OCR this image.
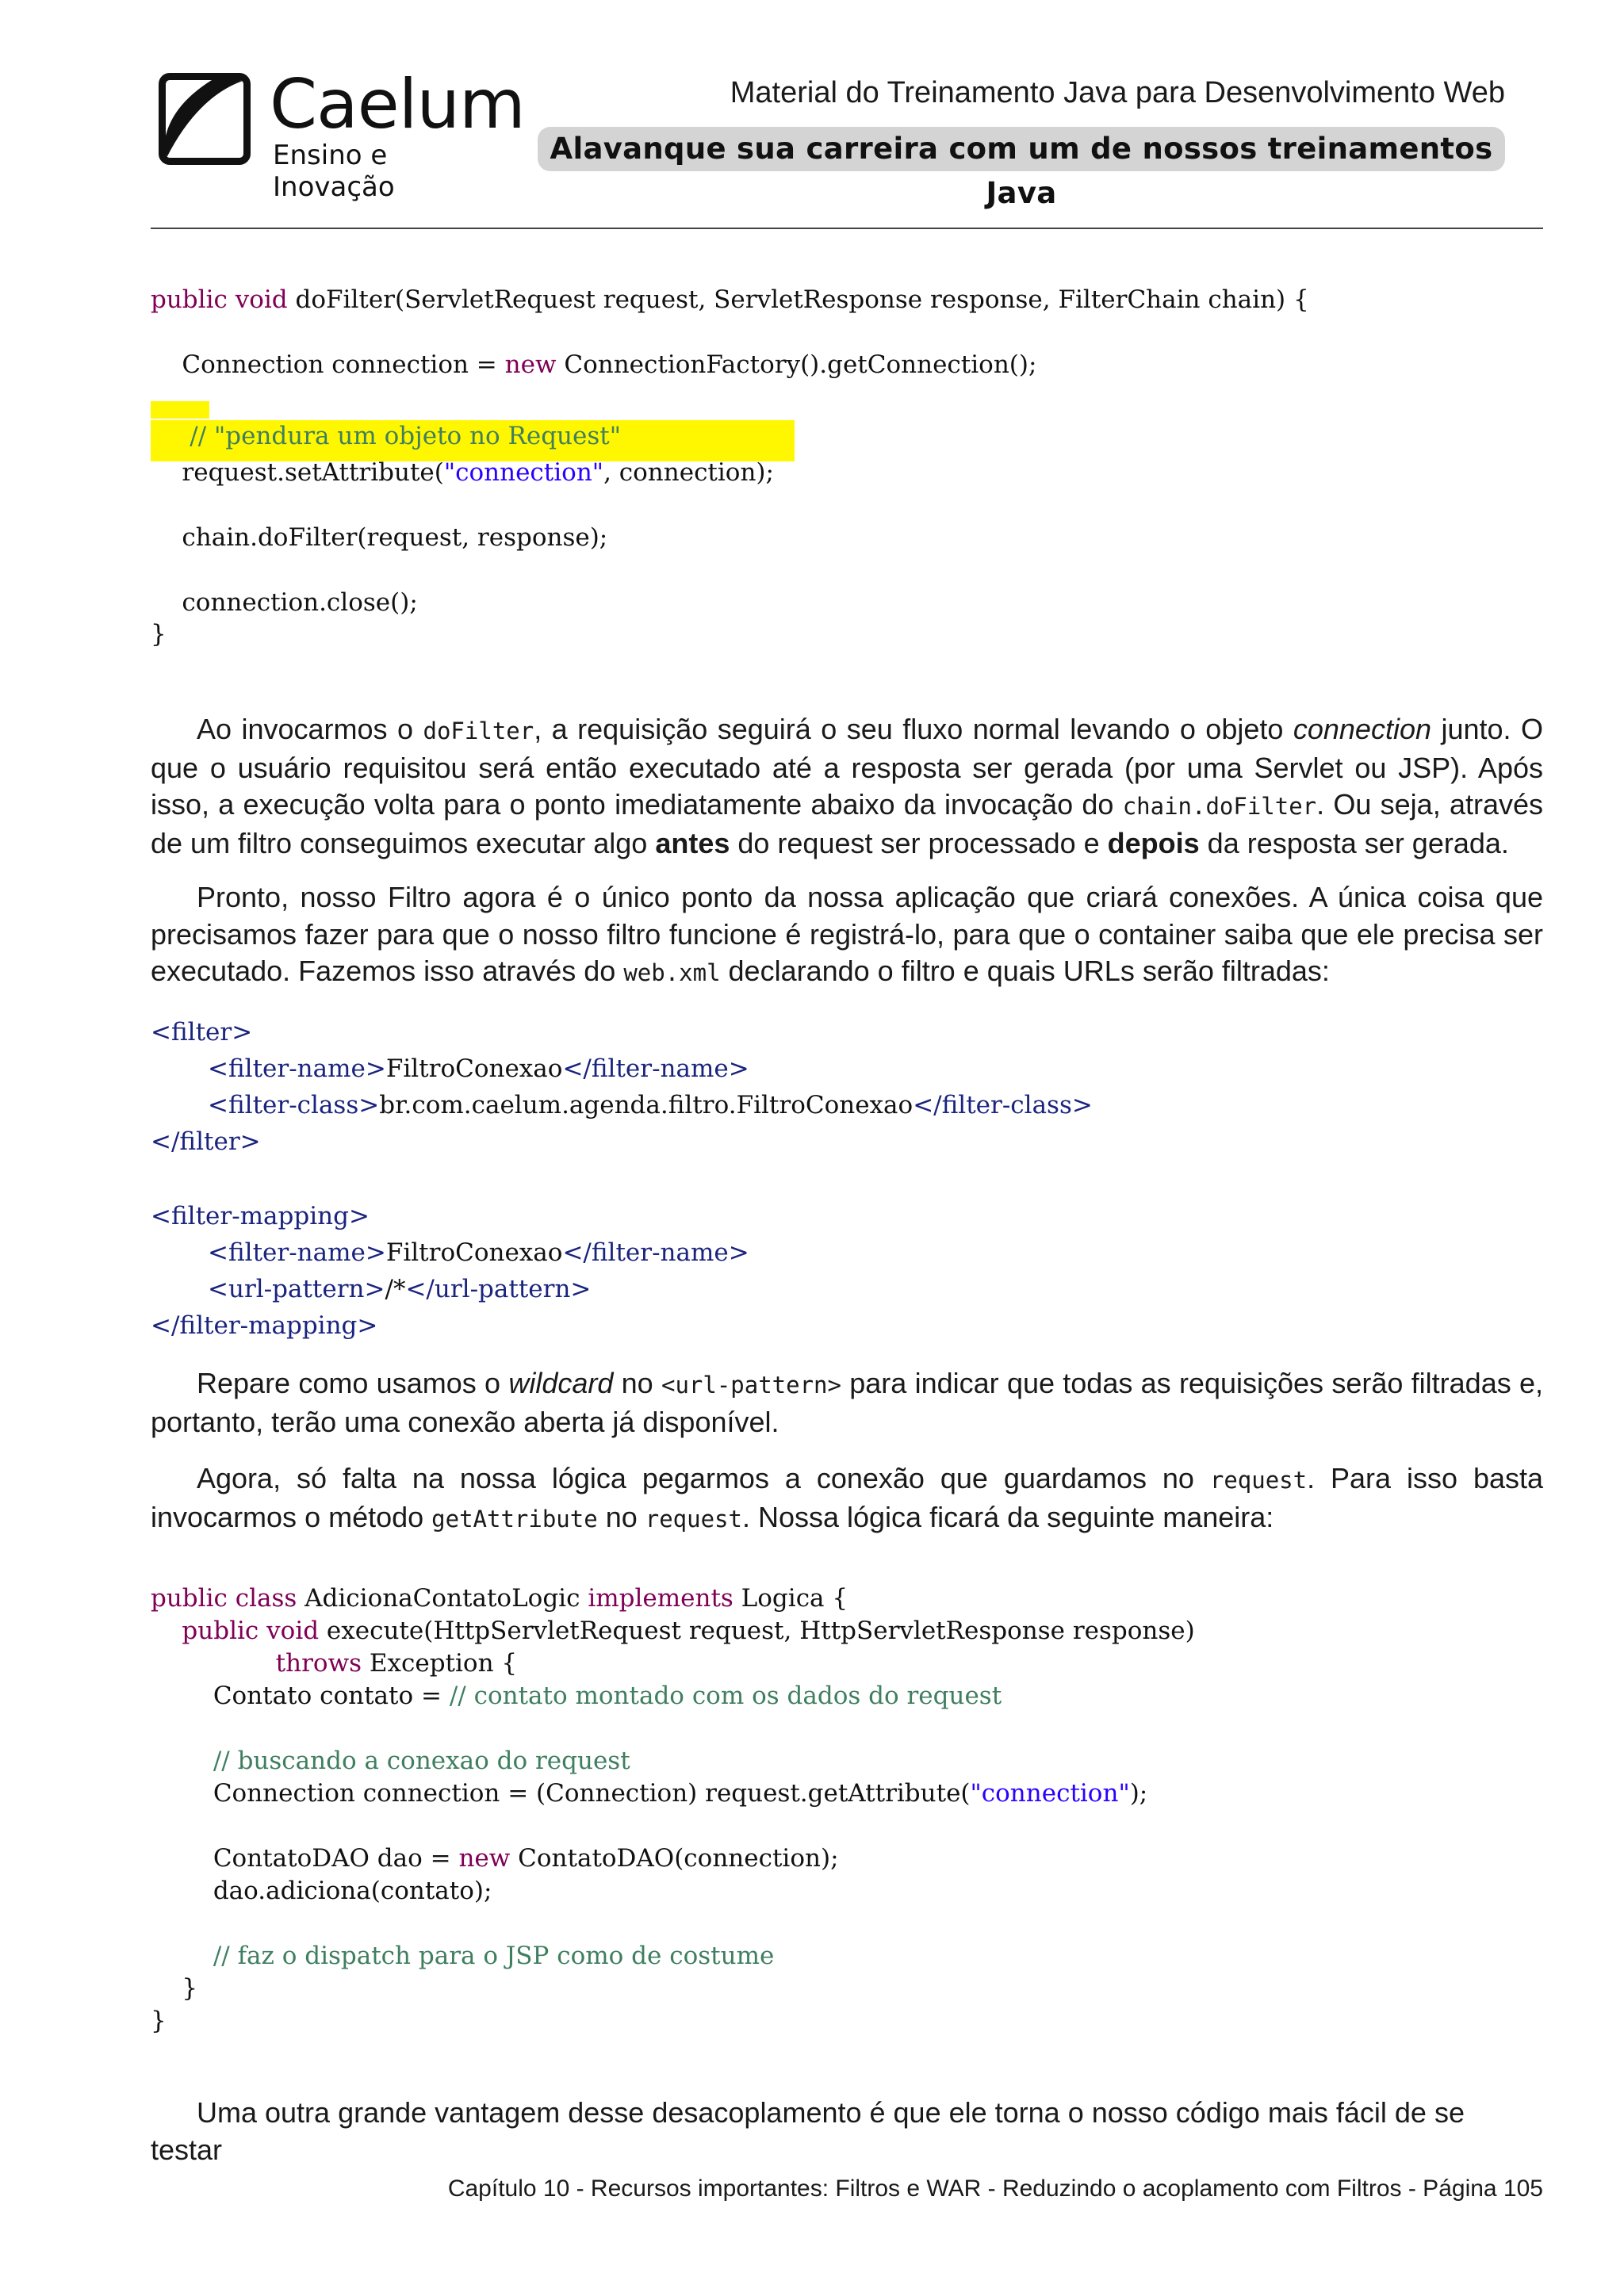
* Caelum
Ensino e Inovação
Material do Treinamento Java para Desenvolvimento Web
Alavanque sua carreira com um de nossos treinamentos Java

public void doFilter(ServletRequest request, ServletResponse response, FilterChain chain) {

Connection connection = new ConnectionFactory().getConnection();

// "pendura um objeto no Request"

request.setAttribute("connection", connection);

chain.doFilter(request, response);

connection.close();

}

Ao invocarmos o doFilter, a requisição seguirá o seu fluxo normal levando o objeto connection junto. O que o usuário requisitou será então executado até a resposta ser gerada (por uma Servlet ou JSP). Após isso, a execução volta para o ponto imediatamente abaixo da invocação do chain.doFilter. Ou seja, através de um filtro conseguimos executar algo antes do request ser processado e depois da resposta ser gerada.
Pronto, nosso Filtro agora é o único ponto da nossa aplicação que criará conexões. A única coisa que precisamos fazer para que o nosso filtro funcione é registrá-lo, para que o container saiba que ele precisa ser executado. Fazemos isso através do web.xml declarando o filtro e quais URLs serão filtradas:

<filter>

<filter-name>FiltroConexao</filter-name>

<filter-class>br.com.caelum.agenda.filtro.FiltroConexao</filter-class>

</filter>

<filter-mapping>

<filter-name>FiltroConexao</filter-name>

<url-pattern>/*</url-pattern>

</filter-mapping>

Repare como usamos o wildcard no <url-pattern> para indicar que todas as requisições serão filtradas e, portanto, terão uma conexão aberta já disponível.
Agora, só falta na nossa lógica pegarmos a conexão que guardamos no request. Para isso basta invocarmos o método getAttribute no request. Nossa lógica ficará da seguinte maneira:

public class AdicionaContatoLogic implements Logica {

public void execute(HttpServletRequest request, HttpServletResponse response)

throws Exception {

Contato contato = // contato montado com os dados do request

// buscando a conexao do request

Connection connection = (Connection) request.getAttribute("connection");

ContatoDAO dao = new ContatoDAO(connection);

dao.adiciona(contato);

// faz o dispatch para o JSP como de costume

}

}

Uma outra grande vantagem desse desacoplamento é que ele torna o nosso código mais fácil de se testar
Capítulo 10 - Recursos importantes: Filtros e WAR - Reduzindo o acoplamento com Filtros - Página 105
